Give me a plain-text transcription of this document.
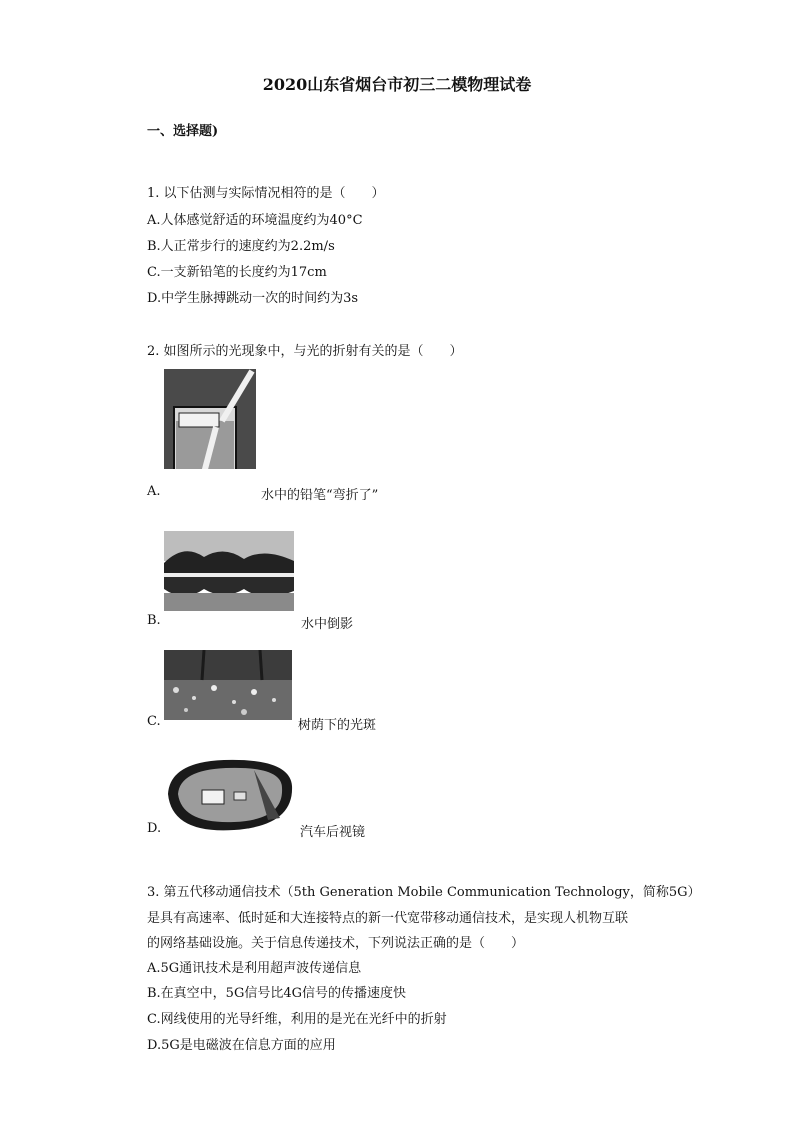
2020山东省烟台市初三二模物理试卷
一、选择题)
1. 以下估测与实际情况相符的是（　　）
A.人体感觉舒适的环境温度约为40°C
B.人正常步行的速度约为2.2m/s
C.一支新铅笔的长度约为17cm
D.中学生脉搏跳动一次的时间约为3s
2. 如图所示的光现象中，与光的折射有关的是（　　）
A.	水中的铅笔“弯折了”
B.	水中倒影
C.	树荫下的光斑
D.	汽车后视镜
3. 第五代移动通信技术（5th Generation Mobile Communication Technology，简称5G）
是具有高速率、低时延和大连接特点的新一代宽带移动通信技术，是实现人机物互联
的网络基础设施。关于信息传递技术，下列说法正确的是（　　）
A.5G通讯技术是利用超声波传递信息
B.在真空中，5G信号比4G信号的传播速度快
C.网线使用的光导纤维，利用的是光在光纤中的折射
D.5G是电磁波在信息方面的应用
